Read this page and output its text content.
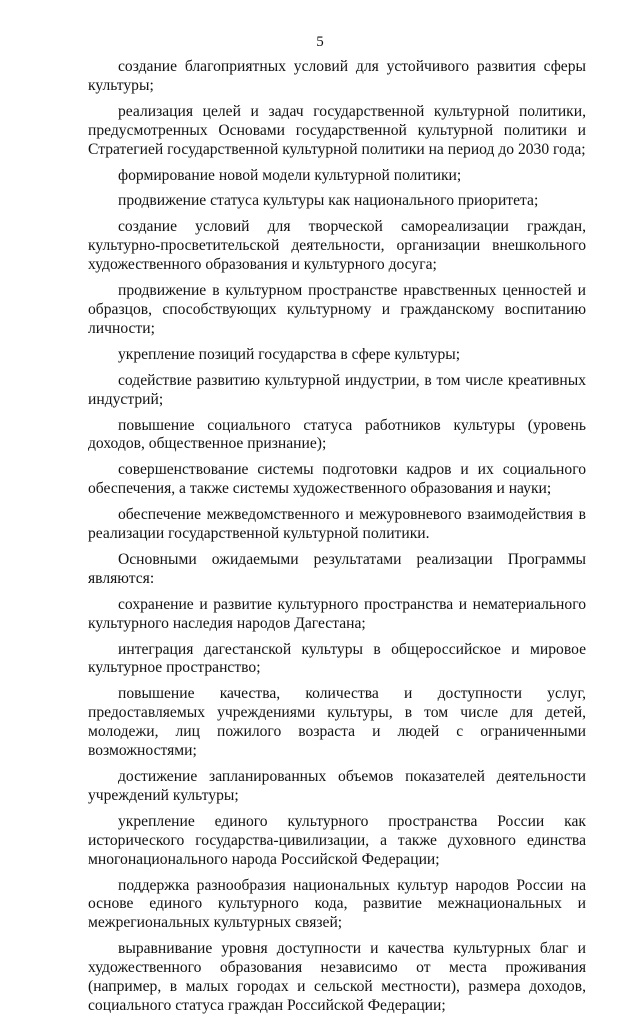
5

создание благоприятных условий для устойчивого развития сферы культуры;

реализация целей и задач государственной культурной политики, предусмотренных Основами государственной культурной политики и Стратегией государственной культурной политики на период до 2030 года;

формирование новой модели культурной политики;

продвижение статуса культуры как национального приоритета;

создание условий для творческой самореализации граждан, культурно-просветительской деятельности, организации внешкольного художественного образования и культурного досуга;

продвижение в культурном пространстве нравственных ценностей и образцов, способствующих культурному и гражданскому воспитанию личности;

укрепление позиций государства в сфере культуры;

содействие развитию культурной индустрии, в том числе креативных индустрий;

повышение социального статуса работников культуры (уровень доходов, общественное признание);

совершенствование системы подготовки кадров и их социального обеспечения, а также системы художественного образования и науки;

обеспечение межведомственного и межуровневого взаимодействия в реализации государственной культурной политики.

Основными ожидаемыми результатами реализации Программы являются:

сохранение и развитие культурного пространства и нематериального культурного наследия народов Дагестана;

интеграция дагестанской культуры в общероссийское и мировое культурное пространство;

повышение качества, количества и доступности услуг, предоставляемых учреждениями культуры, в том числе для детей, молодежи, лиц пожилого возраста и людей с ограниченными возможностями;

достижение запланированных объемов показателей деятельности учреждений культуры;

укрепление единого культурного пространства России как исторического государства-цивилизации, а также духовного единства многонационального народа Российской Федерации;

поддержка разнообразия национальных культур народов России на основе единого культурного кода, развитие межнациональных и межрегиональных культурных связей;

выравнивание уровня доступности и качества культурных благ и художественного образования независимо от места проживания (например, в малых городах и сельской местности), размера доходов, социального статуса граждан Российской Федерации;
